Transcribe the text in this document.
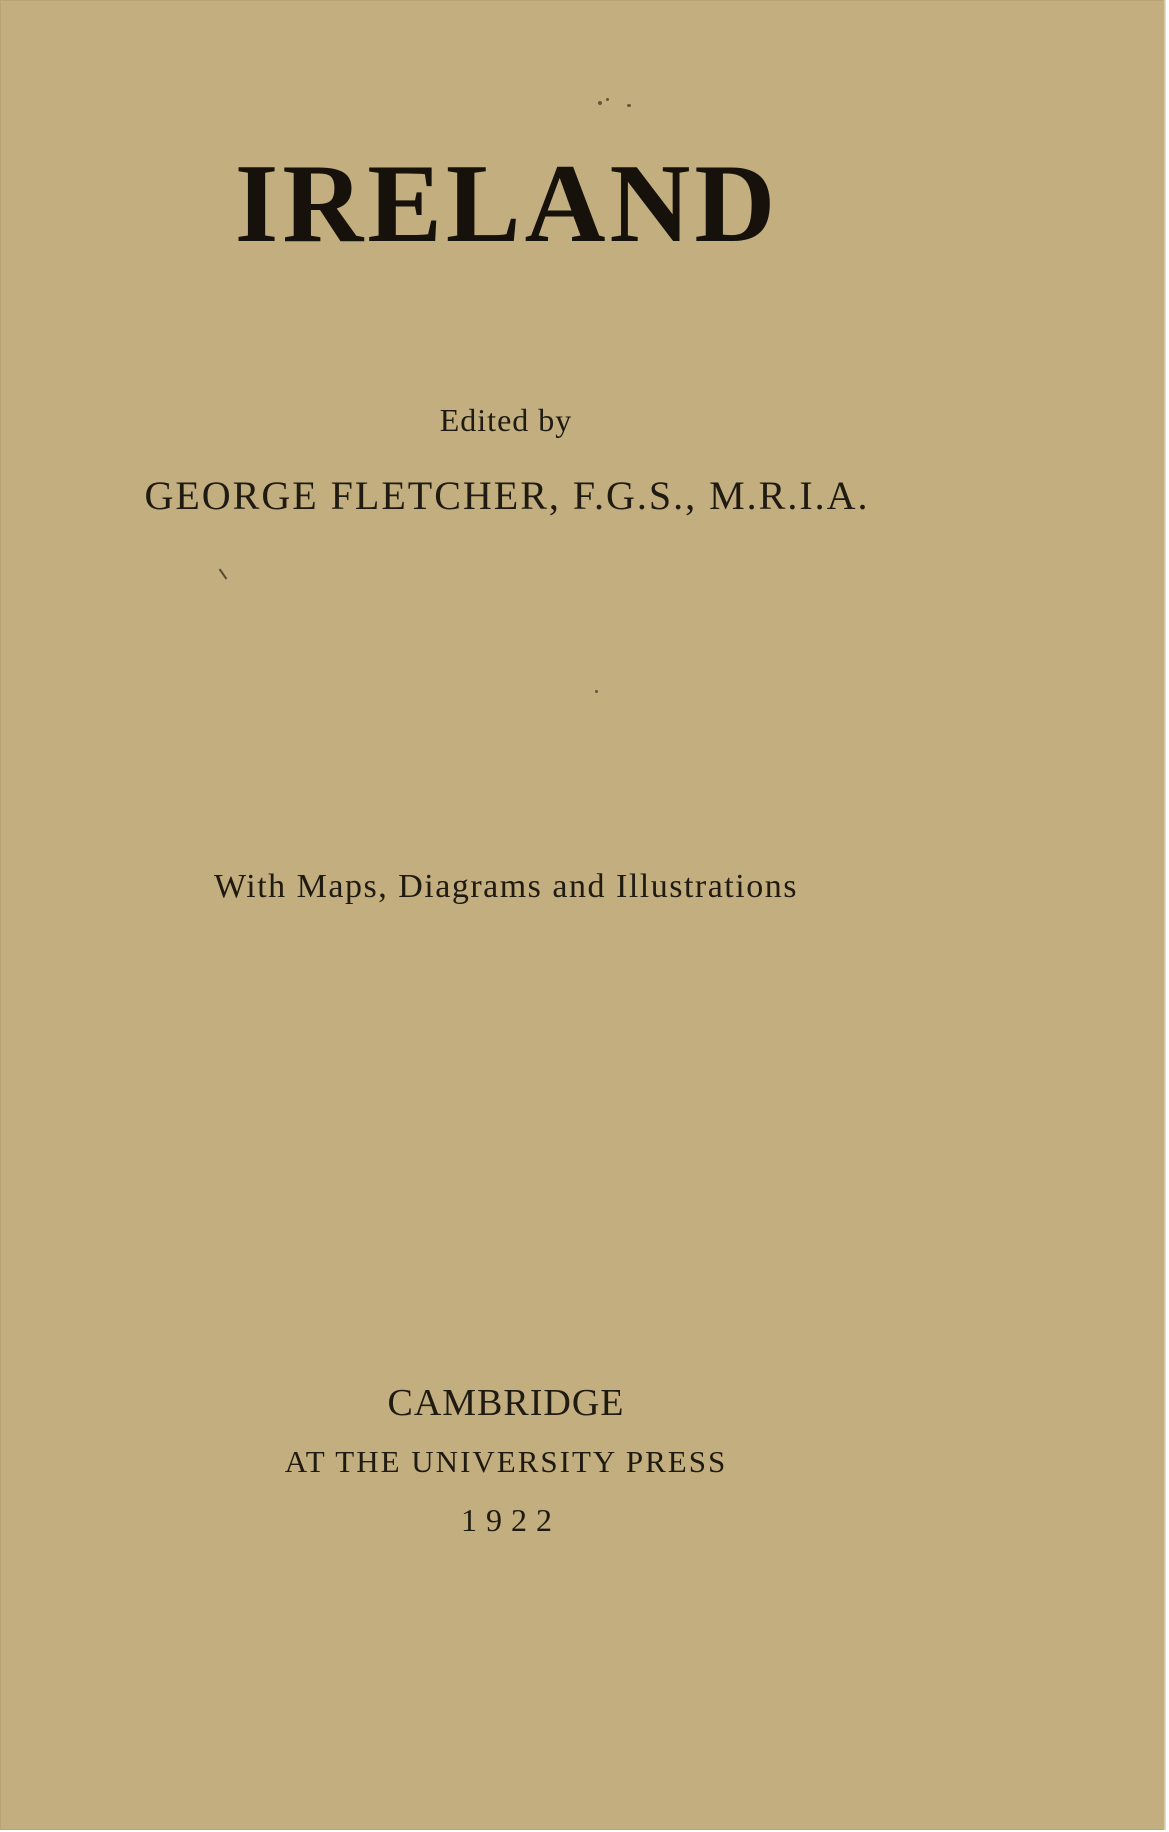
IRELAND

Edited by

GEORGE FLETCHER, F.G.S., M.R.I.A.

With Maps, Diagrams and Illustrations

CAMBRIDGE

AT THE UNIVERSITY PRESS

1922
